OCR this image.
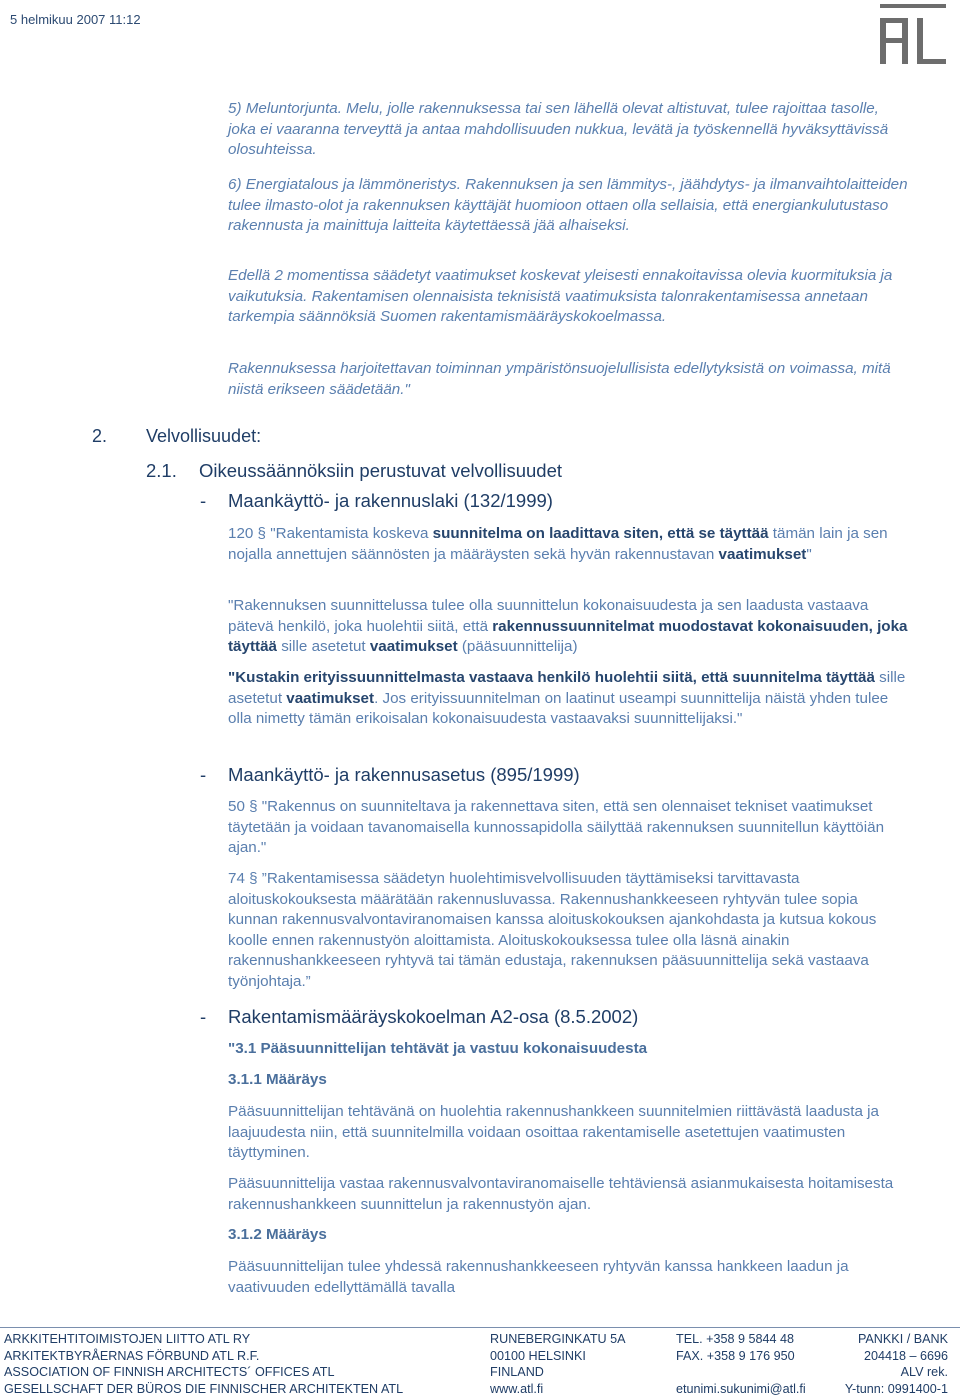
5 helmikuu 2007 11:12
5) Meluntorjunta. Melu, jolle rakennuksessa tai sen lähellä olevat altistuvat, tulee rajoittaa tasolle, joka ei vaaranna terveyttä ja antaa mahdollisuuden nukkua, levätä ja työskennellä hyväksyttävissä olosuhteissa.
6) Energiatalous ja lämmöneristys. Rakennuksen ja sen lämmitys-, jäähdytys- ja ilmanvaihtolaitteiden tulee ilmasto-olot ja rakennuksen käyttäjät huomioon ottaen olla sellaisia, että energiankulutustaso rakennusta ja mainittuja laitteita käytettäessä jää alhaiseksi.
Edellä 2 momentissa säädetyt vaatimukset koskevat yleisesti ennakoitavissa olevia kuormituksia ja vaikutuksia. Rakentamisen olennaisista teknisistä vaatimuksista talonrakentamisessa annetaan tarkempia säännöksiä Suomen rakentamismääräyskokoelmassa.
Rakennuksessa harjoitettavan toiminnan ympäristönsuojelullisista edellytyksistä on voimassa, mitä niistä erikseen säädetään."
2. Velvollisuudet:
2.1. Oikeussäännöksiin perustuvat velvollisuudet
- Maankäyttö- ja rakennuslaki (132/1999)
120 § "Rakentamista koskeva suunnitelma on laadittava siten, että se täyttää tämän lain ja sen nojalla annettujen säännösten ja määräysten sekä hyvän rakennustavan vaatimukset"
"Rakennuksen suunnittelussa tulee olla suunnittelun kokonaisuudesta ja sen laadusta vastaava pätevä henkilö, joka huolehtii siitä, että rakennussuunnitelmat muodostavat kokonaisuuden, joka täyttää sille asetetut vaatimukset (pääsuunnittelija)
"Kustakin erityissuunnittelmasta vastaava henkilö huolehtii siitä, että suunnitelma täyttää sille asetetut vaatimukset. Jos erityissuunnitelman on laatinut useampi suunnittelija näistä yhden tulee olla nimetty tämän erikoisalan kokonaisuudesta vastaavaksi suunnittelijaksi."
- Maankäyttö- ja rakennusasetus (895/1999)
50 § "Rakennus on suunniteltava ja rakennettava siten, että sen olennaiset tekniset vaatimukset täytetään ja voidaan tavanomaisella kunnossapidolla säilyttää rakennuksen suunnitellun käyttöiän ajan."
74 § ”Rakentamisessa säädetyn huolehtimisvelvollisuuden täyttämiseksi tarvittavasta aloituskokouksesta määrätään rakennusluvassa. Rakennushankkeeseen ryhtyvän tulee sopia kunnan rakennusvalvontaviranomaisen kanssa aloituskokouksen ajankohdasta ja kutsua kokous koolle ennen rakennustyön aloittamista. Aloituskokouksessa tulee olla läsnä ainakin rakennushankkeeseen ryhtyvä tai tämän edustaja, rakennuksen pääsuunnittelija sekä vastaava työnjohtaja.”
- Rakentamismääräyskokoelman A2-osa (8.5.2002)
"3.1 Pääsuunnittelijan tehtävät ja vastuu kokonaisuudesta
3.1.1 Määräys
Pääsuunnittelijan tehtävänä on huolehtia rakennushankkeen suunnitelmien riittävästä laadusta ja laajuudesta niin, että suunnitelmilla voidaan osoittaa rakentamiselle asetettujen vaatimusten täyttyminen.
Pääsuunnittelija vastaa rakennusvalvontaviranomaiselle tehtäviensä asianmukaisesta hoitamisesta rakennushankkeen suunnittelun ja rakennustyön ajan.
3.1.2 Määräys
Pääsuunnittelijan tulee yhdessä rakennushankkeeseen ryhtyvän kanssa hankkeen laadun ja vaativuuden edellyttämällä tavalla
ARKKITEHTITOIMISTOJEN LIITTO ATL RY
ARKITEKTBYRÅERNAS FÖRBUND ATL R.F.
ASSOCIATION OF FINNISH ARCHITECTS´ OFFICES ATL
GESELLSCHAFT DER BÜROS DIE FINNISCHER ARCHITEKTEN ATL
RUNEBERGINKATU 5A
00100 HELSINKI
FINLAND
www.atl.fi
TEL. +358 9 5844 48
FAX. +358 9 176 950
etunimi.sukunimi@atl.fi
PANKKI / BANK
204418 – 6696
ALV rek.
Y-tunn: 0991400-1
